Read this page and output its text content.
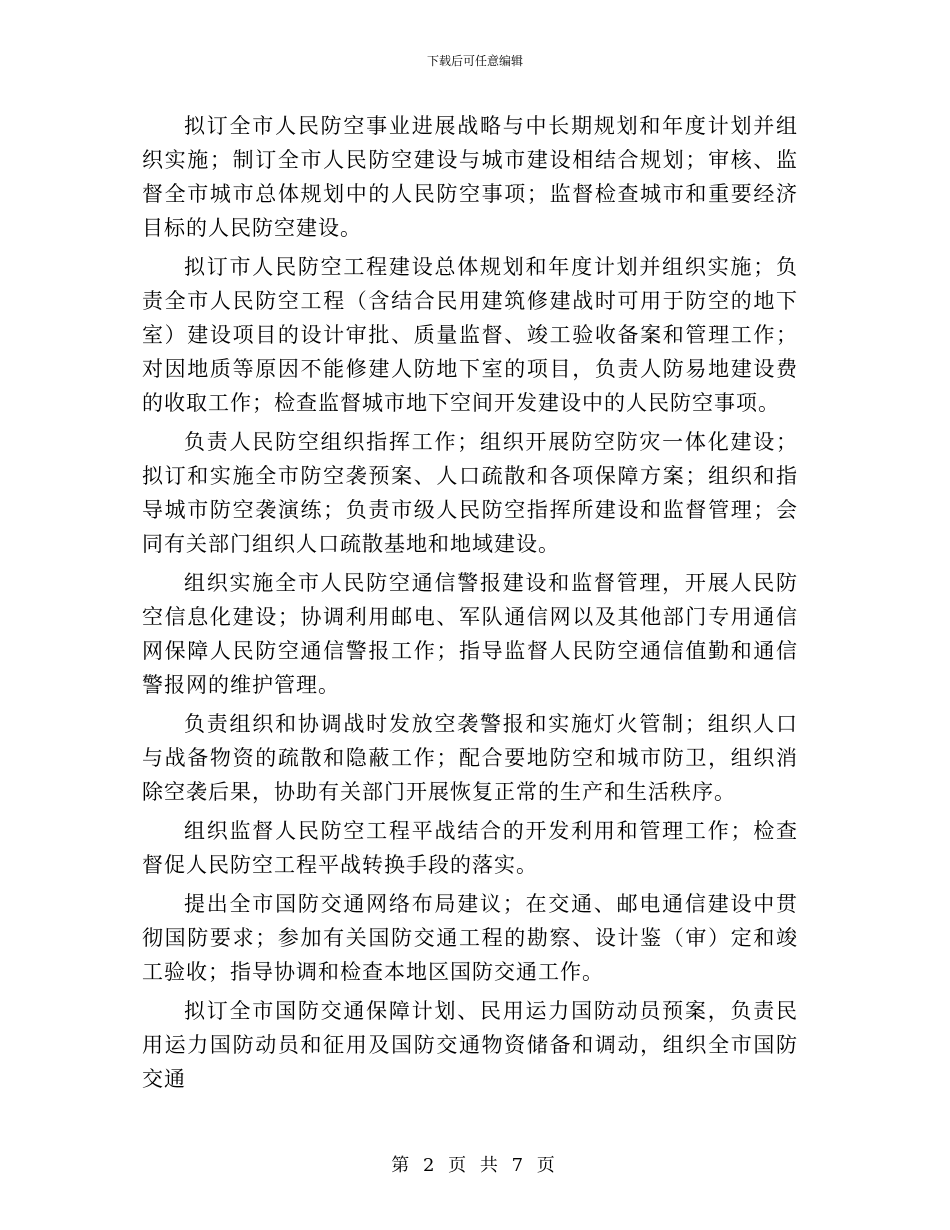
下载后可任意编辑

拟订全市人民防空事业进展战略与中长期规划和年度计划并组织实施；制订全市人民防空建设与城市建设相结合规划；审核、监督全市城市总体规划中的人民防空事项；监督检查城市和重要经济目标的人民防空建设。

拟订市人民防空工程建设总体规划和年度计划并组织实施；负责全市人民防空工程（含结合民用建筑修建战时可用于防空的地下室）建设项目的设计审批、质量监督、竣工验收备案和管理工作；对因地质等原因不能修建人防地下室的项目，负责人防易地建设费的收取工作；检查监督城市地下空间开发建设中的人民防空事项。

负责人民防空组织指挥工作；组织开展防空防灾一体化建设；拟订和实施全市防空袭预案、人口疏散和各项保障方案；组织和指导城市防空袭演练；负责市级人民防空指挥所建设和监督管理；会同有关部门组织人口疏散基地和地域建设。

组织实施全市人民防空通信警报建设和监督管理，开展人民防空信息化建设；协调利用邮电、军队通信网以及其他部门专用通信网保障人民防空通信警报工作；指导监督人民防空通信值勤和通信警报网的维护管理。

负责组织和协调战时发放空袭警报和实施灯火管制；组织人口与战备物资的疏散和隐蔽工作；配合要地防空和城市防卫，组织消除空袭后果，协助有关部门开展恢复正常的生产和生活秩序。

组织监督人民防空工程平战结合的开发利用和管理工作；检查督促人民防空工程平战转换手段的落实。

提出全市国防交通网络布局建议；在交通、邮电通信建设中贯彻国防要求；参加有关国防交通工程的勘察、设计鉴（审）定和竣工验收；指导协调和检查本地区国防交通工作。

拟订全市国防交通保障计划、民用运力国防动员预案，负责民用运力国防动员和征用及国防交通物资储备和调动，组织全市国防交通

第 2 页 共 7 页
